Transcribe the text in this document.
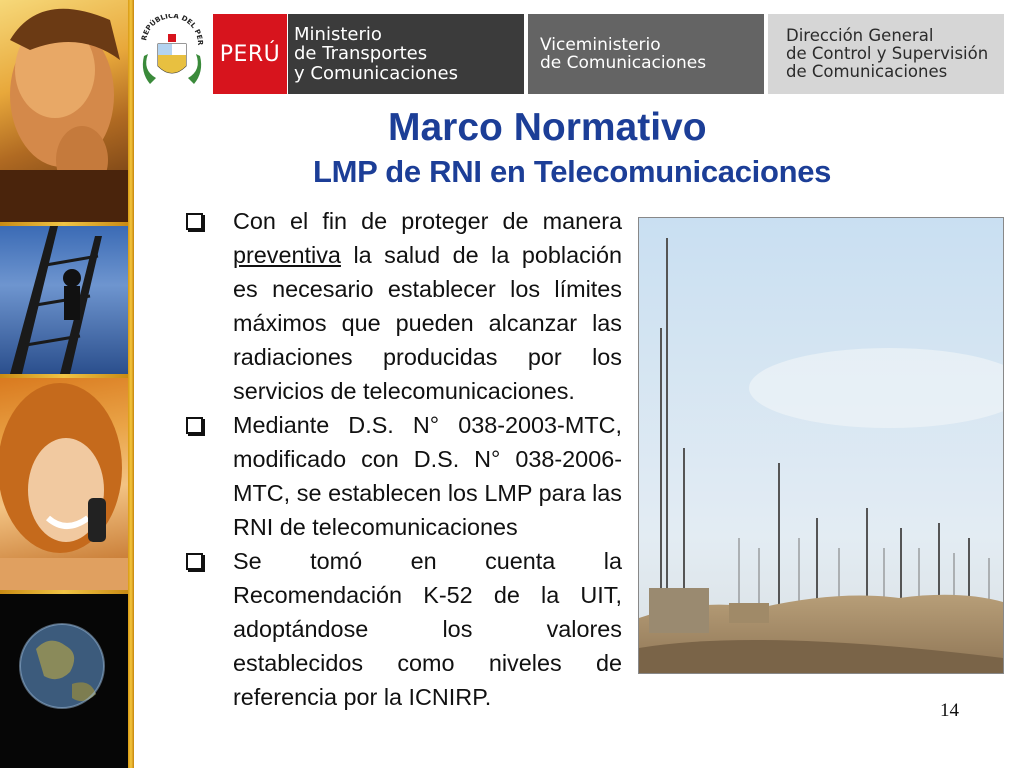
REPÚBLICA DEL PER PERÚ
Ministerio
de Transportes
y Comunicaciones
Viceministerio
de Comunicaciones
Dirección General
de Control y Supervisión
de Comunicaciones
Marco Normativo
LMP de RNI en Telecomunicaciones
Con el fin de proteger de manera preventiva la salud de la población es necesario establecer los límites máximos que pueden alcanzar las radiaciones producidas por los servicios de telecomunicaciones.
Mediante D.S. N° 038-2003-MTC, modificado con D.S. N° 038-2006-MTC, se establecen los LMP para las RNI de telecomunicaciones
Se tomó en cuenta la Recomendación K-52 de la UIT, adoptándose los valores establecidos como niveles de referencia por la ICNIRP.
14
